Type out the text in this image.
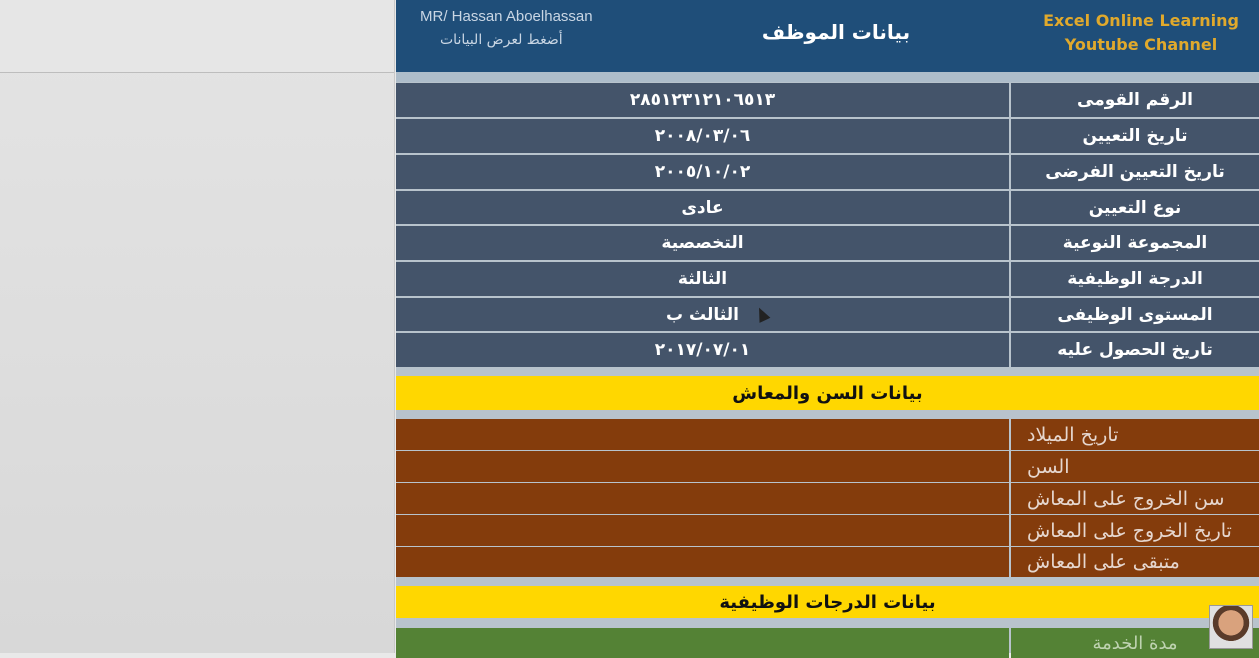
MR/ Hassan Aboelhassan
أضغط لعرض البيانات	بيانات الموظف	Excel Online Learning
Youtube Channel
٢٨٥١٢٣١٢١٠٦٥١٣	الرقم القومى
٢٠٠٨/٠٣/٠٦	تاريخ التعيين
٢٠٠٥/١٠/٠٢	تاريخ التعيين الفرضى
عادى	نوع التعيين
التخصصية	المجموعة النوعية
الثالثة	الدرجة الوظيفية
الثالث ب	المستوى الوظيفى
٢٠١٧/٠٧/٠١	تاريخ الحصول عليه
بيانات السن والمعاش
تاريخ الميلاد
السن
سن الخروج على المعاش
تاريخ الخروج على المعاش
متبقى على المعاش
بيانات الدرجات الوظيفية
مدة الخدمة
